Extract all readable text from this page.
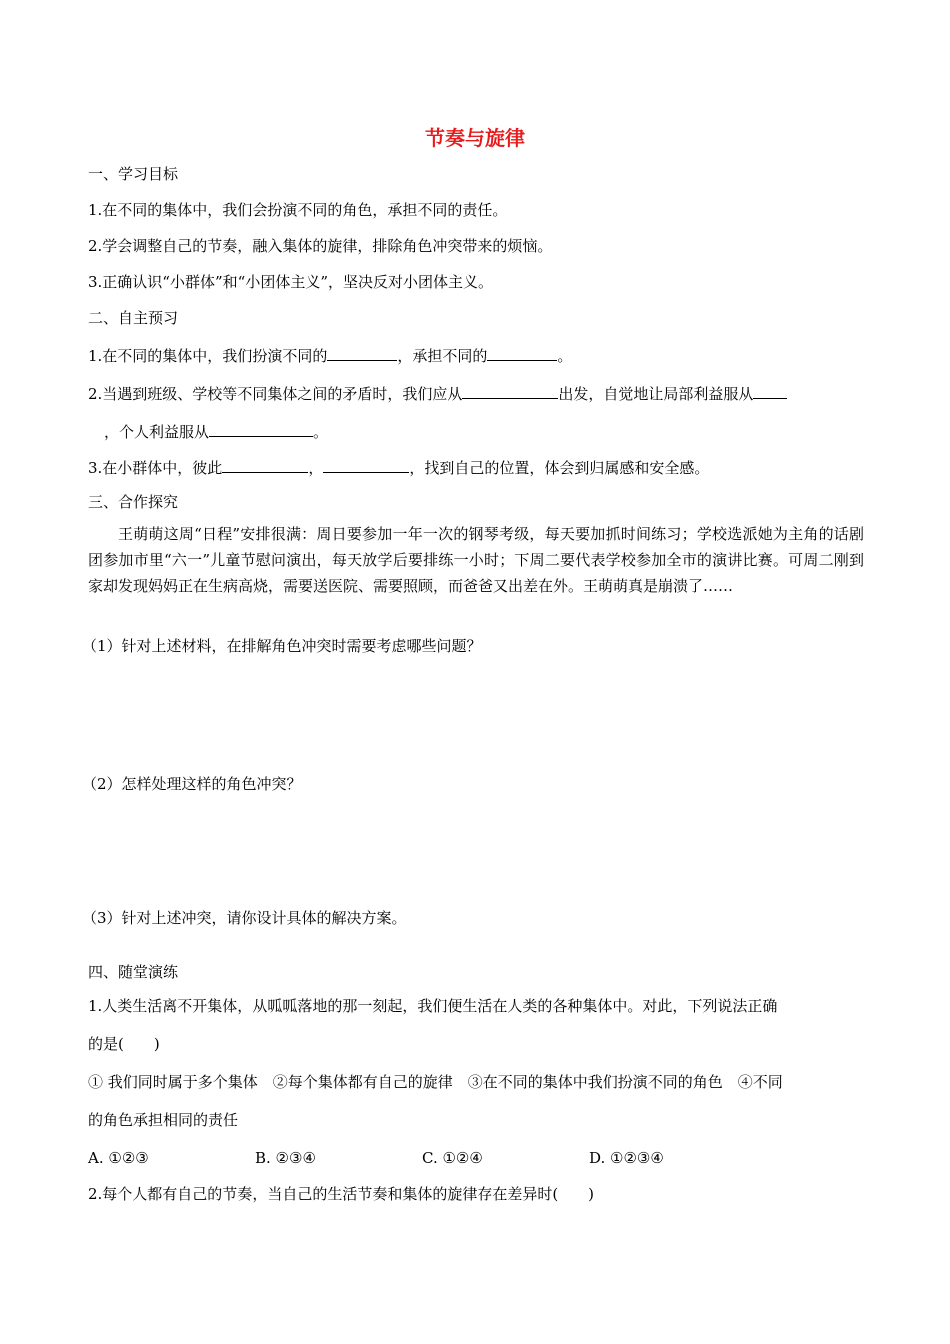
节奏与旋律
一、学习目标
1.在不同的集体中，我们会扮演不同的角色，承担不同的责任。
2.学会调整自己的节奏，融入集体的旋律，排除角色冲突带来的烦恼。
3.正确认识“小群体”和“小团体主义”，坚决反对小团体主义。
二、自主预习
1.在不同的集体中，我们扮演不同的	，承担不同的	。
2.当遇到班级、学校等不同集体之间的矛盾时，我们应从	出发，自觉地让局部利益服从
，个人利益服从	。
3.在小群体中，彼此	，	，找到自己的位置，体会到归属感和安全感。
三、合作探究
王萌萌这周“日程”安排很满：周日要参加一年一次的钢琴考级，每天要加抓时间练习；学校选派她为主角的话剧团参加市里“六一”儿童节慰问演出，每天放学后要排练一小时；下周二要代表学校参加全市的演讲比赛。可周二刚到家却发现妈妈正在生病高烧，需要送医院、需要照顾，而爸爸又出差在外。王萌萌真是崩溃了……
（1）针对上述材料，在排解角色冲突时需要考虑哪些问题？
（2）怎样处理这样的角色冲突？
（3）针对上述冲突，请你设计具体的解决方案。
四、随堂演练
1.人类生活离不开集体，从呱呱落地的那一刻起，我们便生活在人类的各种集体中。对此，下列说法正确
的是(　　)
① 我们同时属于多个集体　②每个集体都有自己的旋律　③在不同的集体中我们扮演不同的角色　④不同
的角色承担相同的责任
A. ①②③	B. ②③④	C. ①②④	D. ①②③④
2.每个人都有自己的节奏，当自己的生活节奏和集体的旋律存在差异时(　　)
